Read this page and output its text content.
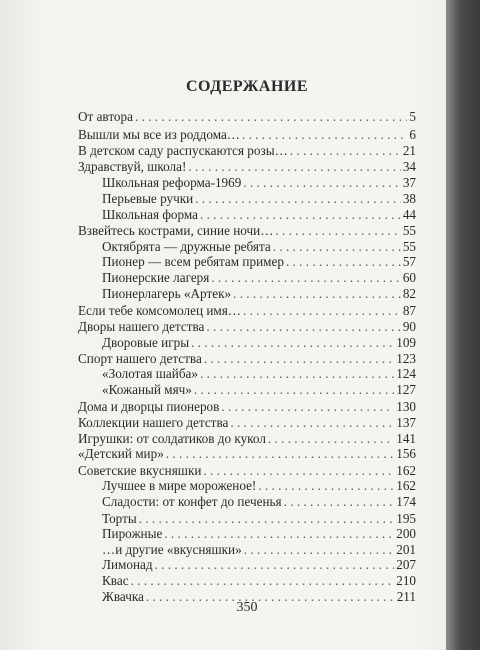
СОДЕРЖАНИЕ
От автора . . .	5
Вышли мы все из роддома… . . .	6
В детском саду распускаются розы… . . .	21
Здравствуй, школа! . . .	34
Школьная реформа-1969 . . .	37
Перьевые ручки . . .	38
Школьная форма . . .	44
Взвейтесь кострами, синие ночи… . . .	55
Октябрята — дружные ребята . . .	55
Пионер — всем ребятам пример . . .	57
Пионерские лагеря . . .	60
Пионерлагерь «Артек» . . .	82
Если тебе комсомолец имя… . . .	87
Дворы нашего детства . . .	90
Дворовые игры . . .	109
Спорт нашего детства . . .	123
«Золотая шайба» . . .	124
«Кожаный мяч» . . .	127
Дома и дворцы пионеров . . .	130
Коллекции нашего детства . . .	137
Игрушки: от солдатиков до кукол . . .	141
«Детский мир» . . .	156
Советские вкусняшки . . .	162
Лучшее в мире мороженое! . . .	162
Сладости: от конфет до печенья . . .	174
Торты . . .	195
Пирожные . . .	200
…и другие «вкусняшки» . . .	201
Лимонад . . .	207
Квас . . .	210
Жвачка . . .	211
350
